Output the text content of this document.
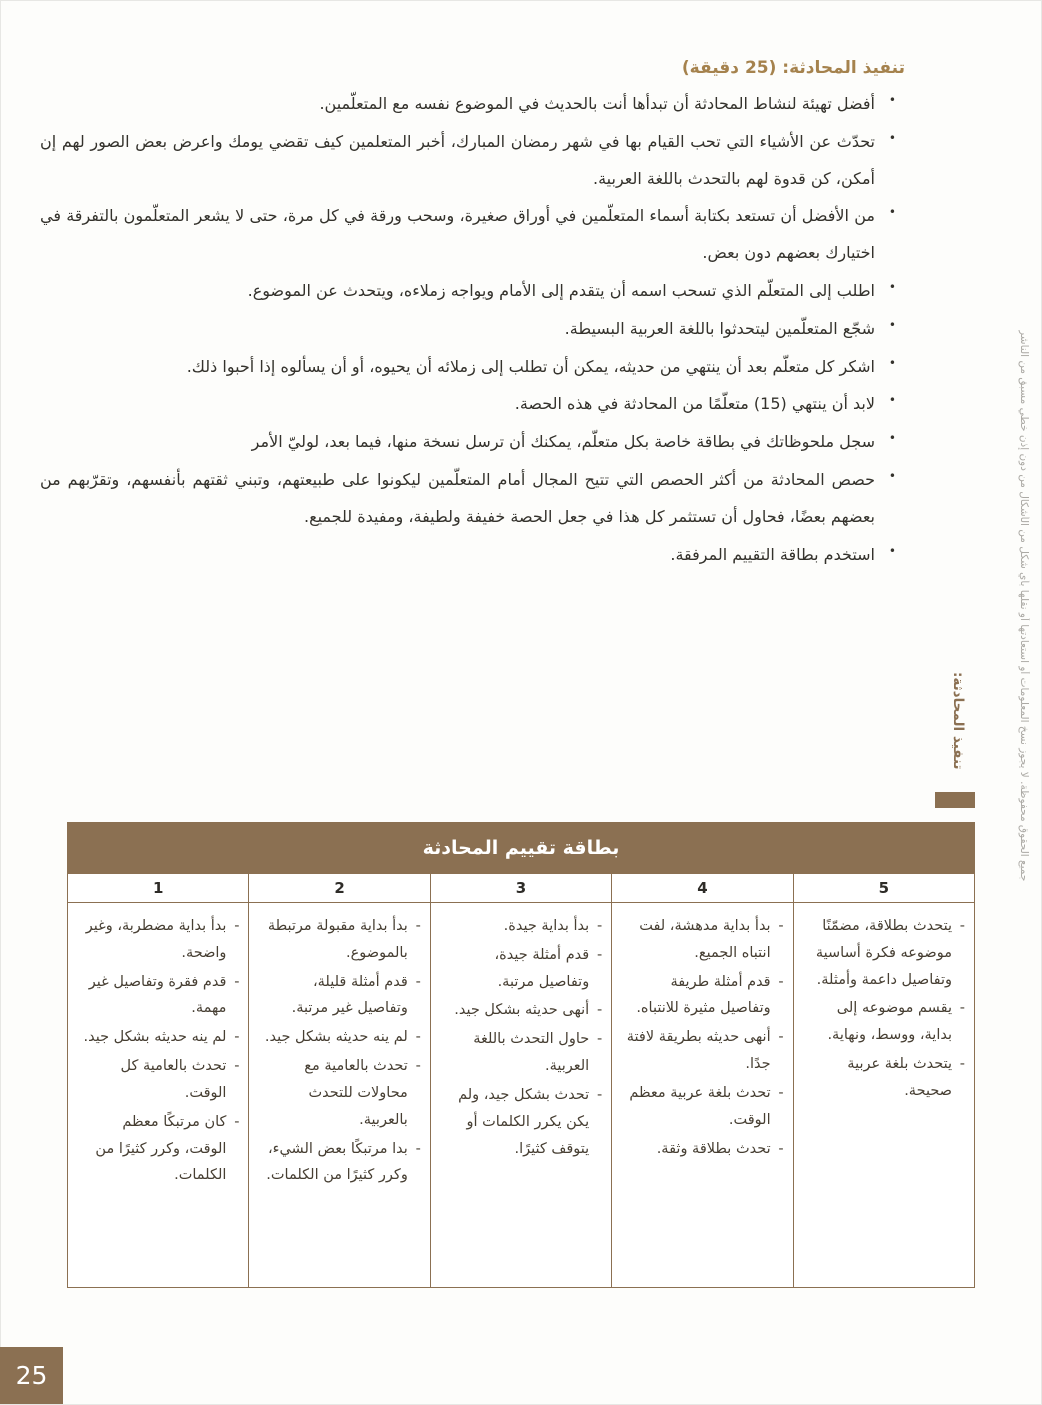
تنفيذ المحادثة: (25 دقيقة)
• أفضل تهيئة لنشاط المحادثة أن تبدأها أنت بالحديث في الموضوع نفسه مع المتعلّمين.
• تحدّث عن الأشياء التي تحب القيام بها في شهر رمضان المبارك، أخبر المتعلمين كيف تقضي يومك واعرض بعض الصور لهم إن أمكن، كن قدوة لهم بالتحدث باللغة العربية.
• من الأفضل أن تستعد بكتابة أسماء المتعلّمين في أوراق صغيرة، وسحب ورقة في كل مرة، حتى لا يشعر المتعلّمون بالتفرقة في اختيارك بعضهم دون بعض.
• اطلب إلى المتعلّم الذي تسحب اسمه أن يتقدم إلى الأمام ويواجه زملاءه، ويتحدث عن الموضوع.
• شجّع المتعلّمين ليتحدثوا باللغة العربية البسيطة.
• اشكر كل متعلّم بعد أن ينتهي من حديثه، يمكن أن تطلب إلى زملائه أن يحيوه، أو أن يسألوه إذا أحبوا ذلك.
• لابد أن ينتهي (15) متعلّمًا من المحادثة في هذه الحصة.
• سجل ملحوظاتك في بطاقة خاصة بكل متعلّم، يمكنك أن ترسل نسخة منها، فيما بعد، لوليّ الأمر
• حصص المحادثة من أكثر الحصص التي تتيح المجال أمام المتعلّمين ليكونوا على طبيعتهم، وتبني ثقتهم بأنفسهم، وتقرّبهم من بعضهم بعضًا، فحاول أن تستثمر كل هذا في جعل الحصة خفيفة ولطيفة، ومفيدة للجميع.
• استخدم بطاقة التقييم المرفقة.
بطاقة تقييم المحادثة				
5	4	3	2	1

- يتحدث بطلاقة، مضمّنًا موضوعه فكرة أساسية وتفاصيل داعمة وأمثلة.
- يقسم موضوعه إلى بداية، ووسط، ونهاية.
- يتحدث بلغة عربية صحيحة.

- بدأ بداية مدهشة، لفت انتباه الجميع.
- قدم أمثلة طريفة وتفاصيل مثيرة للانتباه.
- أنهى حديثه بطريقة لافتة جدًا.
- تحدث بلغة عربية معظم الوقت.
- تحدث بطلاقة وثقة.

- بدأ بداية جيدة.
- قدم أمثلة جيدة، وتفاصيل مرتبة.
- أنهى حديثه بشكل جيد.
- حاول التحدث باللغة العربية.
- تحدث بشكل جيد، ولم يكن يكرر الكلمات أو يتوقف كثيرًا.

- بدأ بداية مقبولة مرتبطة بالموضوع.
- قدم أمثلة قليلة، وتفاصيل غير مرتبة.
- لم ينه حديثه بشكل جيد.
- تحدث بالعامية مع محاولات للتحدث بالعربية.
- بدا مرتبكًا بعض الشيء، وكرر كثيرًا من الكلمات.

- بدأ بداية مضطربة، وغير واضحة.
- قدم فقرة وتفاصيل غير مهمة.
- لم ينه حديثه بشكل جيد.
- تحدث بالعامية كل الوقت.
- كان مرتبكًا معظم الوقت، وكرر كثيرًا من الكلمات.
جميع الحقوق محفوظة. لا يجوز نسخ المعلومات أو استعادتها أو نقلها بأي شكل من الأشكال من دون إذن خطي مسبق من الناشر
تنفيذ المحادثة:
25
